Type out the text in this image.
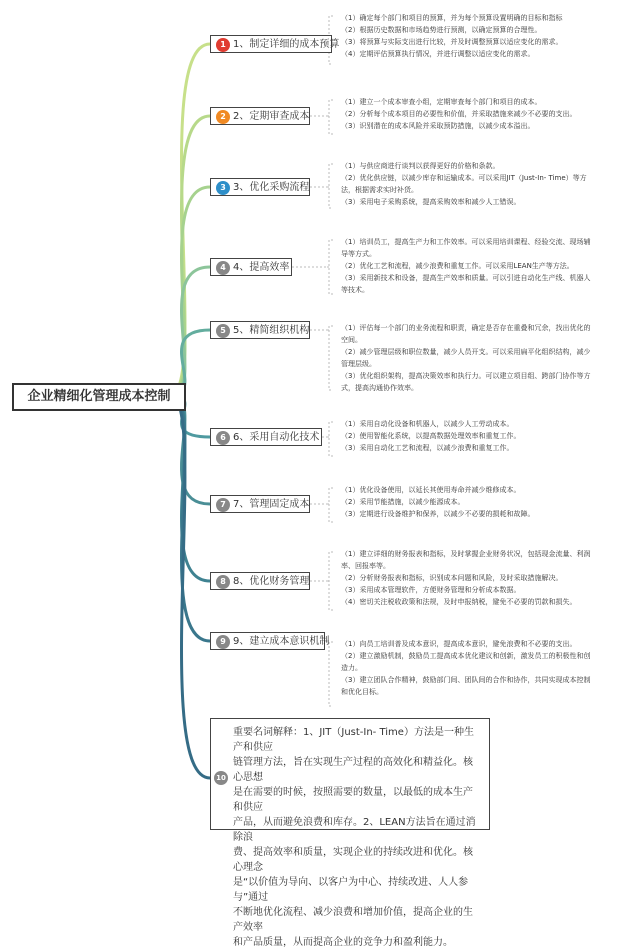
企业精细化管理成本控制
1 1、制定详细的成本预算
（1）确定每个部门和项目的预算，并为每个预算设置明确的目标和指标
（2）根据历史数据和市场趋势进行预测，以确定预算的合理性。
（3）将预算与实际支出进行比较，并及时调整预算以适应变化的需求。
（4）定期评估预算执行情况，并进行调整以适应变化的需求。
2 2、定期审查成本
（1）建立一个成本审查小组，定期审查每个部门和项目的成本。
（2）分析每个成本项目的必要性和价值，并采取措施来减少不必要的支出。
（3）识别潜在的成本风险并采取预防措施，以减少成本溢出。
3 3、优化采购流程
（1）与供应商进行谈判以获得更好的价格和条款。
（2）优化供应链，以减少库存和运输成本。可以采用JIT（Just-In- Time）等方
法，根据需求实时补货。
（3）采用电子采购系统，提高采购效率和减少人工错误。
4 4、提高效率
（1）培训员工，提高生产力和工作效率。可以采用培训课程、经验交流、现场辅
导等方式。
（2）优化工艺和流程，减少浪费和重复工作。可以采用LEAN生产等方法。
（3）采用新技术和设备，提高生产效率和质量。可以引进自动化生产线、机器人
等技术。
5 5、精简组织机构	（1）评估每一个部门的业务流程和职责，确定是否存在重叠和冗余，找出优化的
空间。
（2）减少管理层级和职位数量，减少人员开支。可以采用扁平化组织结构，减少
管理层级。
（3）优化组织架构，提高决策效率和执行力。可以建立项目组、跨部门协作等方
式，提高沟通协作效率。
6 6、采用自动化技术
（1）采用自动化设备和机器人，以减少人工劳动成本。
（2）使用智能化系统，以提高数据处理效率和重复工作。
（3）采用自动化工艺和流程，以减少浪费和重复工作。
7 7、管理固定成本
（1）优化设备使用，以延长其使用寿命并减少维修成本。
（2）采用节能措施，以减少能源成本。
（3）定期进行设备维护和保养，以减少不必要的损耗和故障。
8 8、优化财务管理
（1）建立详细的财务报表和指标，及时掌握企业财务状况，包括现金流量、利润
率、回报率等。
（2）分析财务报表和指标，识别成本问题和风险，及时采取措施解决。
（3）采用成本管理软件，方便财务管理和分析成本数据。
（4）密切关注税收政策和法规，及时申报纳税，避免不必要的罚款和损失。
9 9、建立成本意识机制 （1）向员工培训普及成本意识，提高成本意识，避免浪费和不必要的支出。
（2）建立激励机制，鼓励员工提高成本优化建议和创新，激发员工的积极性和创
造力。
（3）建立团队合作精神，鼓励部门间、团队间的合作和协作，共同实现成本控制
和优化目标。
重要名词解释：1、JIT（Just-In- Time）方法是一种生产和供应
链管理方法，旨在实现生产过程的高效化和精益化。核心思想
是在需要的时候，按照需要的数量，以最低的成本生产和供应
产品，从而避免浪费和库存。2、LEAN方法旨在通过消除浪
费、提高效率和质量，实现企业的持续改进和优化。核心理念
是“以价值为导向、以客户为中心、持续改进、人人参与”通过
不断地优化流程、减少浪费和增加价值，提高企业的生产效率
和产品质量，从而提高企业的竞争力和盈利能力。
10
